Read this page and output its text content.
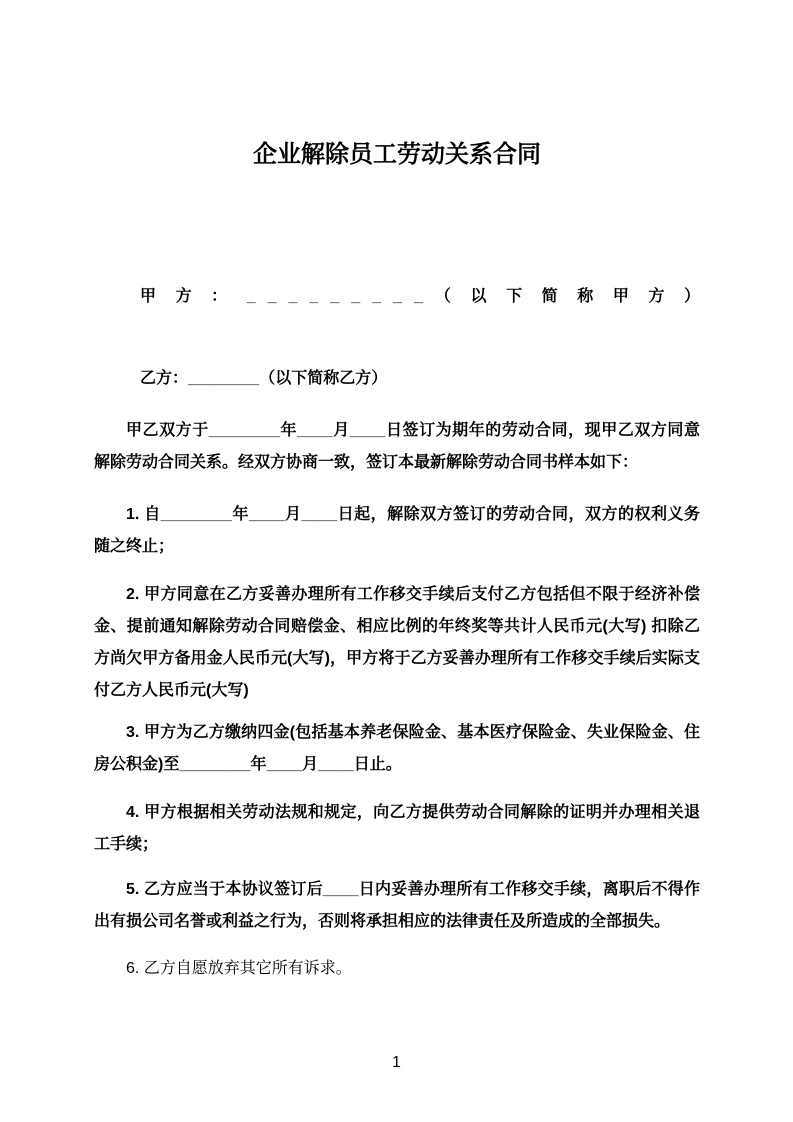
企业解除员工劳动关系合同

甲 方 ： _ _ _ _ _ _ _ _ _ （ 以 下 简 称 甲 方 ）

乙方：________（以下简称乙方）

甲乙双方于________年____月____日签订为期年的劳动合同，现甲乙双方同意解除劳动合同关系。经双方协商一致，签订本最新解除劳动合同书样本如下：

1. 自________年____月____日起，解除双方签订的劳动合同，双方的权利义务随之终止；

2. 甲方同意在乙方妥善办理所有工作移交手续后支付乙方包括但不限于经济补偿金、提前通知解除劳动合同赔偿金、相应比例的年终奖等共计人民币元(大写) 扣除乙方尚欠甲方备用金人民币元(大写)，甲方将于乙方妥善办理所有工作移交手续后实际支付乙方人民币元(大写)

3. 甲方为乙方缴纳四金(包括基本养老保险金、基本医疗保险金、失业保险金、住房公积金)至________年____月____日止。

4. 甲方根据相关劳动法规和规定，向乙方提供劳动合同解除的证明并办理相关退工手续；

5. 乙方应当于本协议签订后____日内妥善办理所有工作移交手续，离职后不得作出有损公司名誉或利益之行为，否则将承担相应的法律责任及所造成的全部损失。

6. 乙方自愿放弃其它所有诉求。

1
